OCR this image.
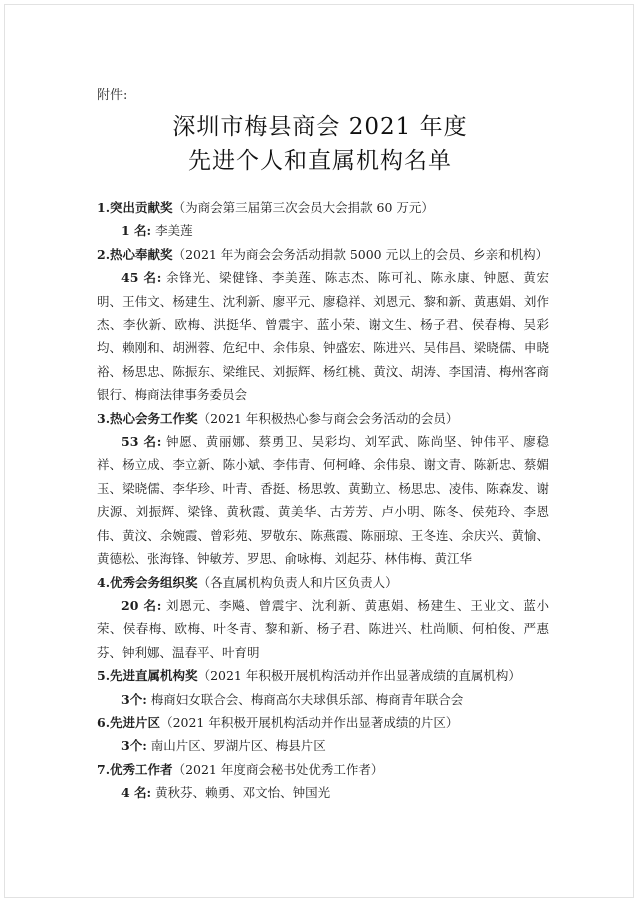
附件:
深圳市梅县商会 2021 年度
先进个人和直属机构名单
1.突出贡献奖（为商会第三届第三次会员大会捐款 60 万元）
1 名: 李美莲
2.热心奉献奖（2021 年为商会会务活动捐款 5000 元以上的会员、乡亲和机构）
45 名: 余锋光、梁健锋、李美莲、陈志杰、陈可礼、陈永康、钟愿、黄宏明、王伟文、杨建生、沈利新、廖平元、廖稳祥、刘恩元、黎和新、黄惠娟、刘作杰、李伙新、欧梅、洪挺华、曾震宇、蓝小荣、谢文生、杨子君、侯春梅、吴彩均、赖刚和、胡洲蓉、危纪中、余伟泉、钟盛宏、陈进兴、吴伟昌、梁晓儒、申晓裕、杨思忠、陈振东、梁维民、刘振辉、杨红桃、黄汶、胡涛、李国清、梅州客商银行、梅商法律事务委员会
3.热心会务工作奖（2021 年积极热心参与商会会务活动的会员）
53 名: 钟愿、黄丽娜、蔡勇卫、吴彩均、刘军武、陈尚坚、钟伟平、廖稳祥、杨立成、李立新、陈小斌、李伟青、何柯峰、余伟泉、谢文青、陈新忠、蔡媚玉、梁晓儒、李华珍、叶青、香挺、杨思敦、黄勤立、杨思忠、凌伟、陈森发、谢庆源、刘振辉、梁锋、黄秋霞、黄美华、古芳芳、卢小明、陈冬、侯苑玲、李恩伟、黄汶、余婉霞、曾彩苑、罗敬东、陈燕霞、陈丽琼、王冬连、余庆兴、黄愉、黄德松、张海锋、钟敏芳、罗思、俞咏梅、刘起芬、林伟梅、黄江华
4.优秀会务组织奖（各直属机构负责人和片区负责人）
20 名: 刘恩元、李飚、曾震宇、沈利新、黄惠娟、杨建生、王业文、蓝小荣、侯春梅、欧梅、叶冬青、黎和新、杨子君、陈进兴、杜尚顺、何柏俊、严惠芬、钟利娜、温春平、叶育明
5.先进直属机构奖（2021 年积极开展机构活动并作出显著成绩的直属机构）
3个: 梅商妇女联合会、梅商高尔夫球俱乐部、梅商青年联合会
6.先进片区（2021 年积极开展机构活动并作出显著成绩的片区）
3个: 南山片区、罗湖片区、梅县片区
7.优秀工作者（2021 年度商会秘书处优秀工作者）
4 名: 黄秋芬、赖勇、邓文怡、钟国光
